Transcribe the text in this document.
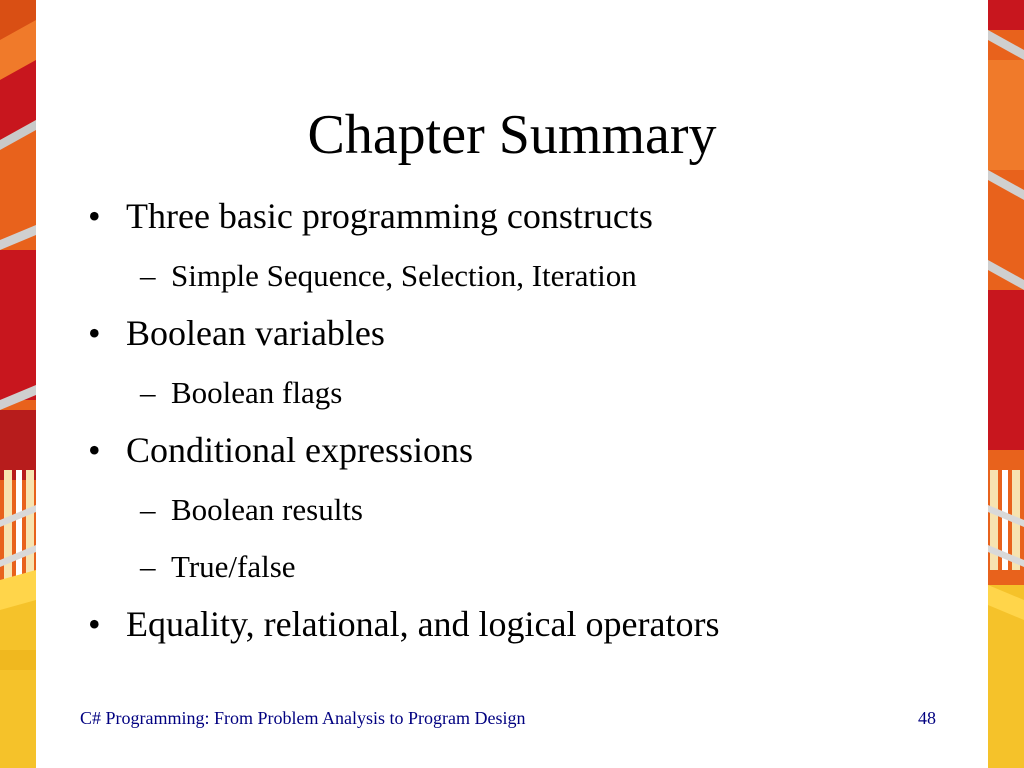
Chapter Summary
• Three basic programming constructs
– Simple Sequence, Selection, Iteration
• Boolean variables
– Boolean flags
• Conditional expressions
– Boolean results
– True/false
• Equality, relational, and logical operators
C# Programming: From Problem Analysis to Program Design	48
